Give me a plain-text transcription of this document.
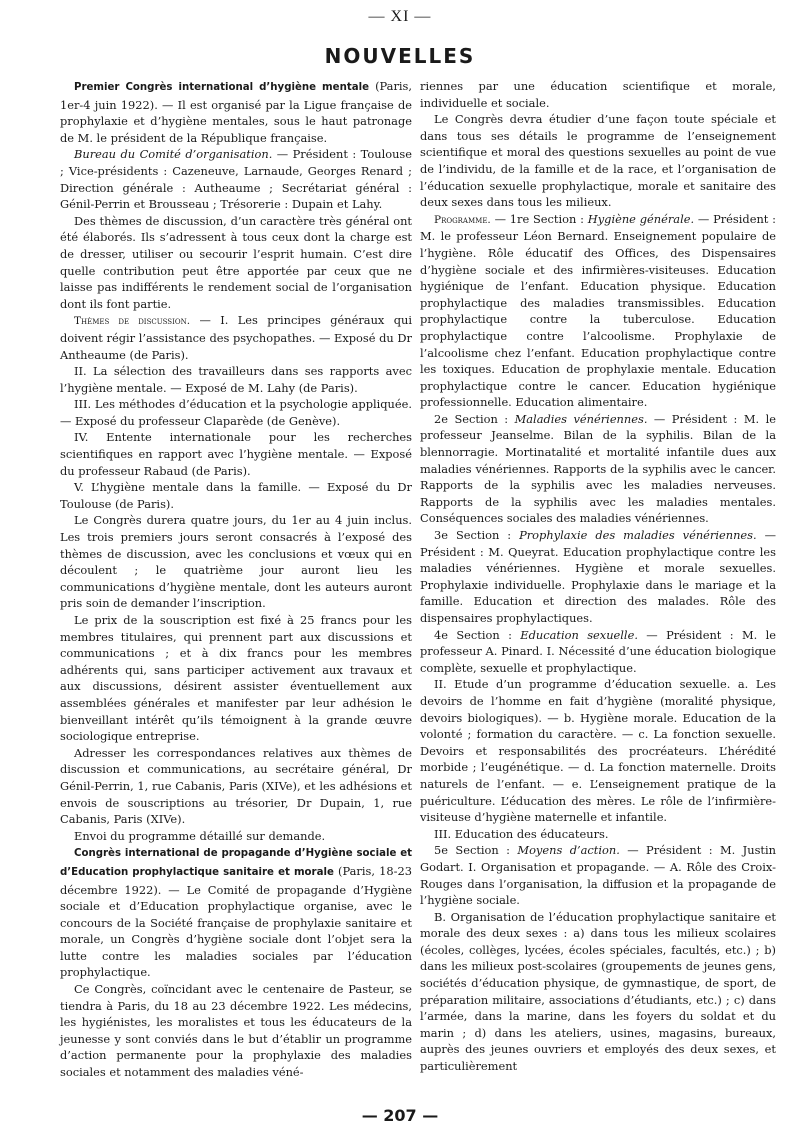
— XI —
NOUVELLES

Premier Congrès international d’hygiène mentale (Paris, 1er-4 juin 1922). — Il est organisé par la Ligue française de prophylaxie et d’hygiène mentales, sous le haut patronage de M. le président de la République française.

Bureau du Comité d’organisation. — Président : Toulouse ; Vice-présidents : Cazeneuve, Larnaude, Georges Renard ; Direction générale : Autheaume ; Secrétariat général : Génil-Perrin et Brousseau ; Trésorerie : Dupain et Lahy.

Des thèmes de discussion, d’un caractère très général ont été élaborés. Ils s’adressent à tous ceux dont la charge est de dresser, utiliser ou secourir l’esprit humain. C’est dire quelle contribution peut être apportée par ceux que ne laisse pas indifférents le rendement social de l’organisation dont ils font partie.

Thèmes de discussion. — I. Les principes généraux qui doivent régir l’assistance des psychopathes. — Exposé du Dr Antheaume (de Paris).

II. La sélection des travailleurs dans ses rapports avec l’hygiène mentale. — Exposé de M. Lahy (de Paris).

III. Les méthodes d’éducation et la psychologie appliquée. — Exposé du professeur Claparède (de Genève).

IV. Entente internationale pour les recherches scientifiques en rapport avec l’hygiène mentale. — Exposé du professeur Rabaud (de Paris).

V. L’hygiène mentale dans la famille. — Exposé du Dr Toulouse (de Paris).

Le Congrès durera quatre jours, du 1er au 4 juin inclus. Les trois premiers jours seront consacrés à l’exposé des thèmes de discussion, avec les conclusions et vœux qui en découlent ; le quatrième jour auront lieu les communications d’hygiène mentale, dont les auteurs auront pris soin de demander l’inscription.

Le prix de la souscription est fixé à 25 francs pour les membres titulaires, qui prennent part aux discussions et communications ; et à dix francs pour les membres adhérents qui, sans participer activement aux travaux et aux discussions, désirent assister éventuellement aux assemblées générales et manifester par leur adhésion le bienveillant intérêt qu’ils témoignent à la grande œuvre sociologique entreprise.

Adresser les correspondances relatives aux thèmes de discussion et communications, au secrétaire général, Dr Génil-Perrin, 1, rue Cabanis, Paris (XIVe), et les adhésions et envois de souscriptions au trésorier, Dr Dupain, 1, rue Cabanis, Paris (XIVe).

Envoi du programme détaillé sur demande.

Congrès international de propagande d’Hygiène sociale et d’Education prophylactique sanitaire et morale (Paris, 18-23 décembre 1922). — Le Comité de propagande d’Hygiène sociale et d’Education prophylactique organise, avec le concours de la Société française de prophylaxie sanitaire et morale, un Congrès d’hygiène sociale dont l’objet sera la lutte contre les maladies sociales par l’éducation prophylactique.

Ce Congrès, coïncidant avec le centenaire de Pasteur, se tiendra à Paris, du 18 au 23 décembre 1922. Les médecins, les hygiénistes, les moralistes et tous les éducateurs de la jeunesse y sont conviés dans le but d’établir un programme d’action permanente pour la prophylaxie des maladies sociales et notamment des maladies véné-

riennes par une éducation scientifique et morale, individuelle et sociale.

Le Congrès devra étudier d’une façon toute spéciale et dans tous ses détails le programme de l’enseignement scientifique et moral des questions sexuelles au point de vue de l’individu, de la famille et de la race, et l’organisation de l’éducation sexuelle prophylactique, morale et sanitaire des deux sexes dans tous les milieux.

Programme. — 1re Section : Hygiène générale. — Président : M. le professeur Léon Bernard. Enseignement populaire de l’hygiène. Rôle éducatif des Offices, des Dispensaires d’hygiène sociale et des infirmières-visiteuses. Education hygiénique de l’enfant. Education physique. Education prophylactique des maladies transmissibles. Education prophylactique contre la tuberculose. Education prophylactique contre l’alcoolisme. Prophylaxie de l’alcoolisme chez l’enfant. Education prophylactique contre les toxiques. Education de prophylaxie mentale. Education prophylactique contre le cancer. Education hygiénique professionnelle. Education alimentaire.

2e Section : Maladies vénériennes. — Président : M. le professeur Jeanselme. Bilan de la syphilis. Bilan de la blennorragie. Mortinatalité et mortalité infantile dues aux maladies vénériennes. Rapports de la syphilis avec le cancer. Rapports de la syphilis avec les maladies nerveuses. Rapports de la syphilis avec les maladies mentales. Conséquences sociales des maladies vénériennes.

3e Section : Prophylaxie des maladies vénériennes. — Président : M. Queyrat. Education prophylactique contre les maladies vénériennes. Hygiène et morale sexuelles. Prophylaxie individuelle. Prophylaxie dans le mariage et la famille. Education et direction des malades. Rôle des dispensaires prophylactiques.

4e Section : Education sexuelle. — Président : M. le professeur A. Pinard. I. Nécessité d’une éducation biologique complète, sexuelle et prophylactique.

II. Etude d’un programme d’éducation sexuelle. a. Les devoirs de l’homme en fait d’hygiène (moralité physique, devoirs biologiques). — b. Hygiène morale. Education de la volonté ; formation du caractère. — c. La fonction sexuelle. Devoirs et responsabilités des procréateurs. L’hérédité morbide ; l’eugénétique. — d. La fonction maternelle. Droits naturels de l’enfant. — e. L’enseignement pratique de la puériculture. L’éducation des mères. Le rôle de l’infirmière-visiteuse d’hygiène maternelle et infantile.

III. Education des éducateurs.

5e Section : Moyens d’action. — Président : M. Justin Godart. I. Organisation et propagande. — A. Rôle des Croix-Rouges dans l’organisation, la diffusion et la propagande de l’hygiène sociale.

B. Organisation de l’éducation prophylactique sanitaire et morale des deux sexes : a) dans tous les milieux scolaires (écoles, collèges, lycées, écoles spéciales, facultés, etc.) ; b) dans les milieux post-scolaires (groupements de jeunes gens, sociétés d’éducation physique, de gymnastique, de sport, de préparation militaire, associations d’étudiants, etc.) ; c) dans l’armée, dans la marine, dans les foyers du soldat et du marin ; d) dans les ateliers, usines, magasins, bureaux, auprès des jeunes ouvriers et employés des deux sexes, et particulièrement

— 207 —
